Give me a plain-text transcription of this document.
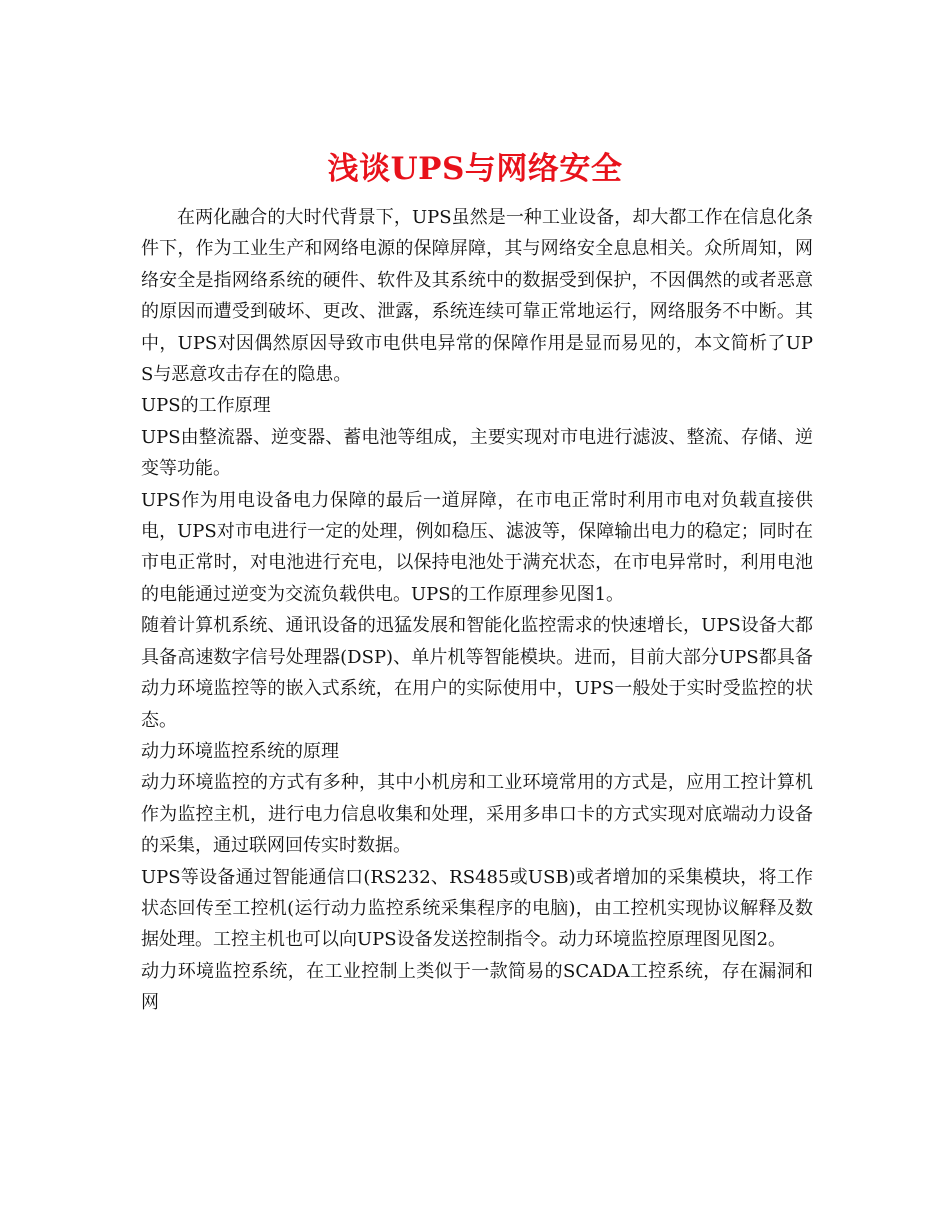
浅谈UPS与网络安全

在两化融合的大时代背景下，UPS虽然是一种工业设备，却大都工作在信息化条件下，作为工业生产和网络电源的保障屏障，其与网络安全息息相关。众所周知，网络安全是指网络系统的硬件、软件及其系统中的数据受到保护，不因偶然的或者恶意的原因而遭受到破坏、更改、泄露，系统连续可靠正常地运行，网络服务不中断。其中，UPS对因偶然原因导致市电供电异常的保障作用是显而易见的，本文简析了UPS与恶意攻击存在的隐患。

UPS的工作原理

UPS由整流器、逆变器、蓄电池等组成，主要实现对市电进行滤波、整流、存储、逆变等功能。

UPS作为用电设备电力保障的最后一道屏障，在市电正常时利用市电对负载直接供电，UPS对市电进行一定的处理，例如稳压、滤波等，保障输出电力的稳定；同时在市电正常时，对电池进行充电，以保持电池处于满充状态，在市电异常时，利用电池的电能通过逆变为交流负载供电。UPS的工作原理参见图1。

随着计算机系统、通讯设备的迅猛发展和智能化监控需求的快速增长，UPS设备大都具备高速数字信号处理器(DSP)、单片机等智能模块。进而，目前大部分UPS都具备动力环境监控等的嵌入式系统，在用户的实际使用中，UPS一般处于实时受监控的状态。

动力环境监控系统的原理

动力环境监控的方式有多种，其中小机房和工业环境常用的方式是，应用工控计算机作为监控主机，进行电力信息收集和处理，采用多串口卡的方式实现对底端动力设备的采集，通过联网回传实时数据。

UPS等设备通过智能通信口(RS232、RS485或USB)或者增加的采集模块，将工作状态回传至工控机(运行动力监控系统采集程序的电脑)，由工控机实现协议解释及数据处理。工控主机也可以向UPS设备发送控制指令。动力环境监控原理图见图2。

动力环境监控系统，在工业控制上类似于一款简易的SCADA工控系统，存在漏洞和网
